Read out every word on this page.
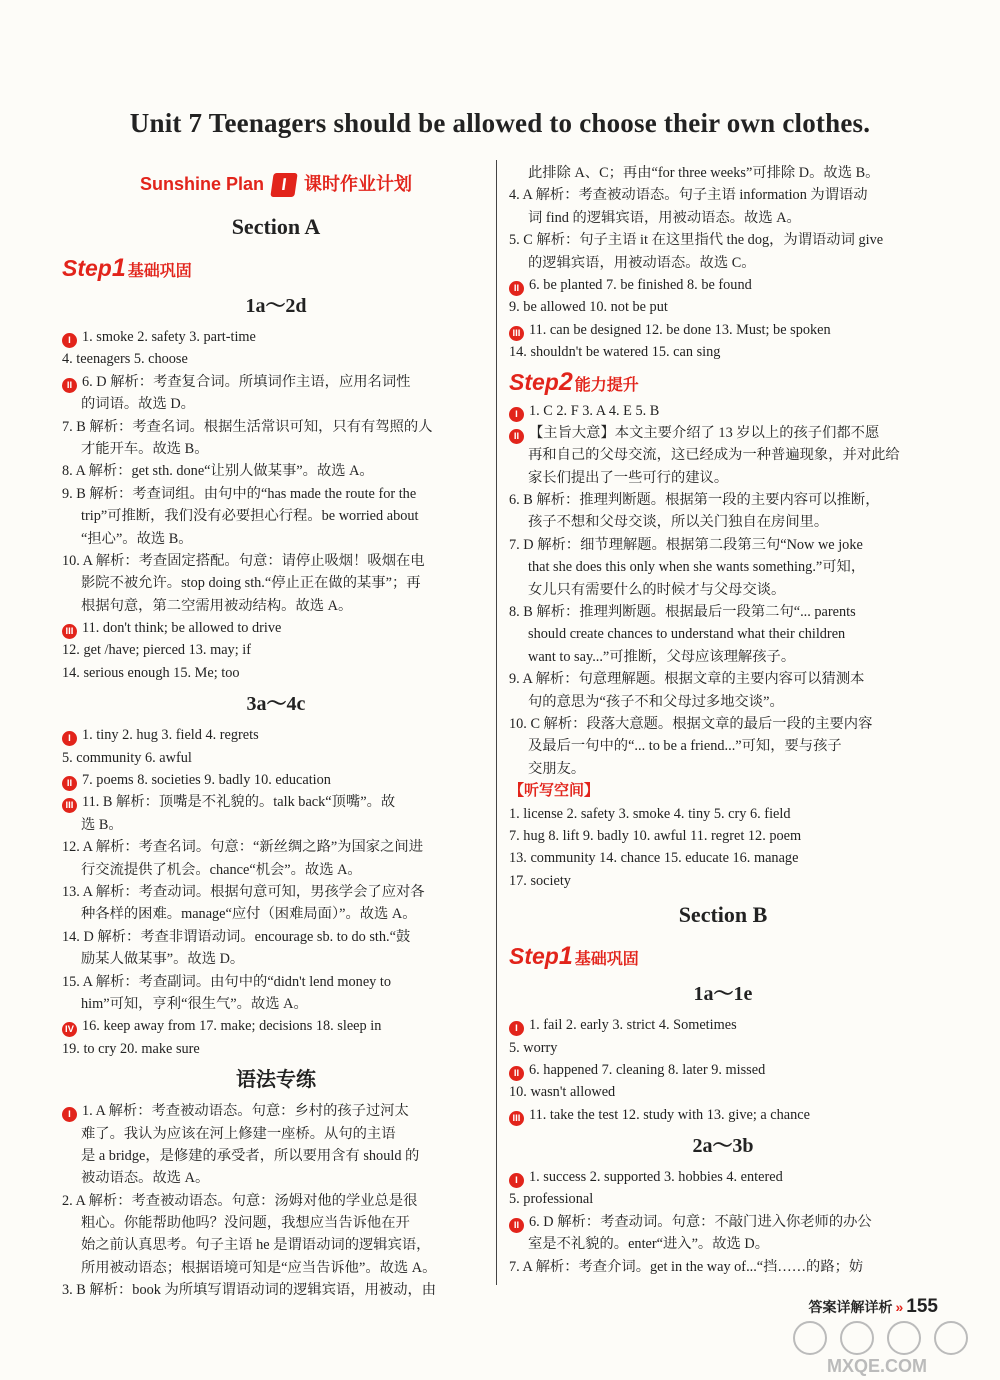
Unit 7 Teenagers should be allowed to choose their own clothes.
Sunshine Plan I 课时作业计划
Section A
Step1 基础巩固
1a～2d
I 1. smoke 2. safety 3. part-time
4. teenagers 5. choose
II 6. D 解析：考查复合词。所填词作主语，应用名词性
的词语。故选 D。
7. B 解析：考查名词。根据生活常识可知，只有有驾照的人
才能开车。故选 B。
8. A 解析：get sth. done“让别人做某事”。故选 A。
9. B 解析：考查词组。由句中的“has made the route for the
trip”可推断，我们没有必要担心行程。be worried about
“担心”。故选 B。
10. A 解析：考查固定搭配。句意：请停止吸烟！吸烟在电
影院不被允许。stop doing sth.“停止正在做的某事”；再
根据句意，第二空需用被动结构。故选 A。
III 11. don't think; be allowed to drive
12. get /have; pierced 13. may; if
14. serious enough 15. Me; too
3a～4c
I 1. tiny 2. hug 3. field 4. regrets
5. community 6. awful
II 7. poems 8. societies 9. badly 10. education
III 11. B 解析：顶嘴是不礼貌的。talk back“顶嘴”。故
选 B。
12. A 解析：考查名词。句意：“新丝绸之路”为国家之间进
行交流提供了机会。chance“机会”。故选 A。
13. A 解析：考查动词。根据句意可知，男孩学会了应对各
种各样的困难。manage“应付（困难局面）”。故选 A。
14. D 解析：考查非谓语动词。encourage sb. to do sth.“鼓
励某人做某事”。故选 D。
15. A 解析：考查副词。由句中的“didn't lend money to
him”可知，亨利“很生气”。故选 A。
IV 16. keep away from 17. make; decisions 18. sleep in
19. to cry 20. make sure
语法专练
I 1. A 解析：考查被动语态。句意：乡村的孩子过河太
难了。我认为应该在河上修建一座桥。从句的主语
是 a bridge，是修建的承受者，所以要用含有 should 的
被动语态。故选 A。
2. A 解析：考查被动语态。句意：汤姆对他的学业总是很
粗心。你能帮助他吗？没问题，我想应当告诉他在开
始之前认真思考。句子主语 he 是谓语动词的逻辑宾语，
所用被动语态；根据语境可知是“应当告诉他”。故选 A。
3. B 解析：book 为所填写谓语动词的逻辑宾语，用被动，由
此排除 A、C；再由“for three weeks”可排除 D。故选 B。
4. A 解析：考查被动语态。句子主语 information 为谓语动
词 find 的逻辑宾语，用被动语态。故选 A。
5. C 解析：句子主语 it 在这里指代 the dog，为谓语动词 give
的逻辑宾语，用被动语态。故选 C。
II 6. be planted 7. be finished 8. be found
9. be allowed 10. not be put
III 11. can be designed 12. be done 13. Must; be spoken
14. shouldn't be watered 15. can sing
Step2 能力提升
I 1. C 2. F 3. A 4. E 5. B
II 【主旨大意】本文主要介绍了 13 岁以上的孩子们都不愿
再和自己的父母交流，这已经成为一种普遍现象，并对此给
家长们提出了一些可行的建议。
6. B 解析：推理判断题。根据第一段的主要内容可以推断，
孩子不想和父母交谈，所以关门独自在房间里。
7. D 解析：细节理解题。根据第二段第三句“Now we joke
that she does this only when she wants something.”可知，
女儿只有需要什么的时候才与父母交谈。
8. B 解析：推理判断题。根据最后一段第二句“... parents
should create chances to understand what their children
want to say...”可推断，父母应该理解孩子。
9. A 解析：句意理解题。根据文章的主要内容可以猜测本
句的意思为“孩子不和父母过多地交谈”。
10. C 解析：段落大意题。根据文章的最后一段的主要内容
及最后一句中的“... to be a friend...”可知，要与孩子
交朋友。
【听写空间】
1. license 2. safety 3. smoke 4. tiny 5. cry 6. field
7. hug 8. lift 9. badly 10. awful 11. regret 12. poem
13. community 14. chance 15. educate 16. manage
17. society
Section B
Step1 基础巩固
1a～1e
I 1. fail 2. early 3. strict 4. Sometimes
5. worry
II 6. happened 7. cleaning 8. later 9. missed
10. wasn't allowed
III 11. take the test 12. study with 13. give; a chance
2a～3b
I 1. success 2. supported 3. hobbies 4. entered
5. professional
II 6. D 解析：考查动词。句意：不敲门进入你老师的办公
室是不礼貌的。enter“进入”。故选 D。
7. A 解析：考查介词。get in the way of...“挡……的路；妨
答案详解详析 » 155
MXQE.COM
